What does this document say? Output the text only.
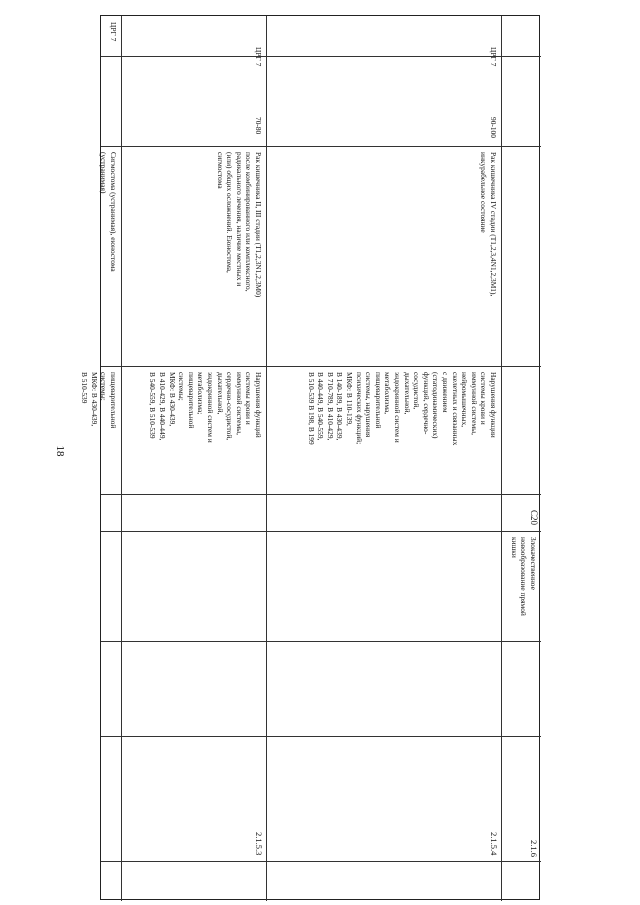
18
ЦРГ 7
Сигмостома (устранимая), еюностома
(устранимая)
пищеварительной
системы;
МКФ: В 430-439,
В 510-539
ЦРГ 7
70-80
Рак кишечника II, III стадии (T1,2,3N1,2,3M0)
после комбинированного или комплексного,
радикального лечения, наличие местных и
(или) общих осложнений. Еюностома,
сигмостома
Нарушения функций
системы крови и
иммунной системы,
сердечно-сосудистой,
дыхательной,
эндокринной систем и
метаболизма;
пищеварительной
системы;
МКФ: В 430-439,
В 410-429, В 440-449,
В 540-559, В 510-539
2.1.5.3
ЦРГ 7
90-100
Рак кишечника IV стадии (T1,2,3,4N1,2,3M1),
инкурабельное состояние
Нарушения функции
системы крови и
иммунной системы,
нейромышечных,
скелетных и связанных
с движением
(статодинамических)
функций, сердечно-
сосудистой,
дыхательной,
эндокринной систем и
метаболизма,
пищеварительной
системы, нарушения
психических функций;
МКФ: В 110-139,
В 140-189, В 430-439,
В 710-789, В 410-429,
В 440-449, В 540-559,
В 510-539 В 198, В 199
2.1.5.4
C20
Злокачественное
новообразование прямой
кишки
2.1.6
